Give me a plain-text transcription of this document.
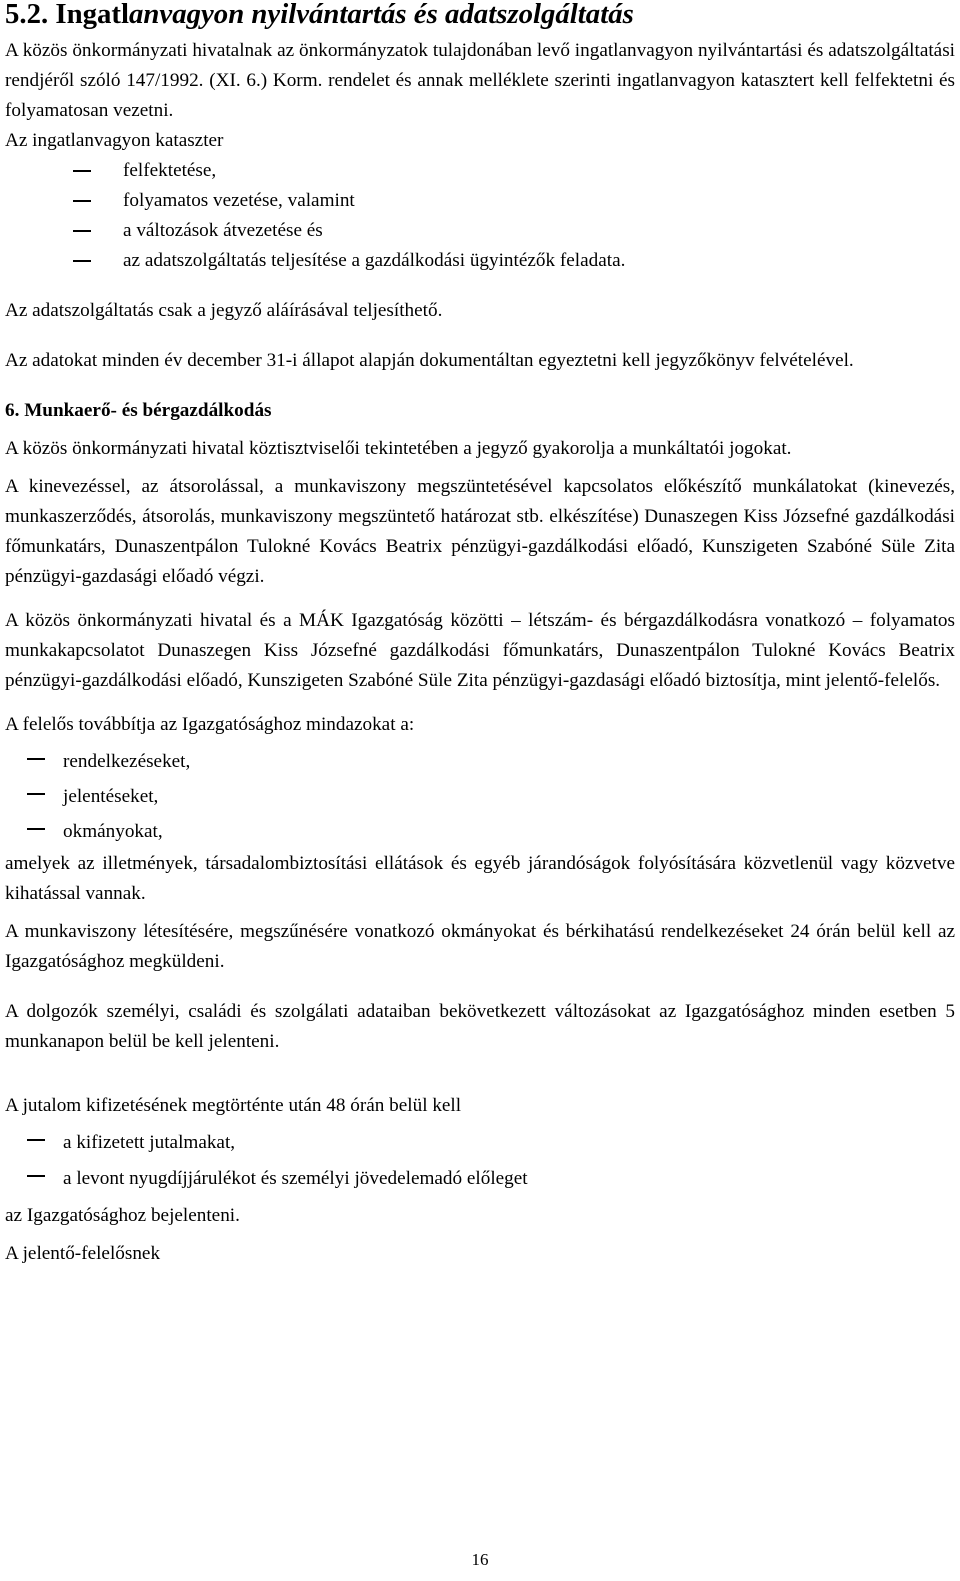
5.2. Ingatlanvagyon nyilvántartás és adatszolgáltatás

A közös önkormányzati hivatalnak az önkormányzatok tulajdonában levő ingatlanvagyon nyilvántartási és adatszolgáltatási rendjéről szóló 147/1992. (XI. 6.) Korm. rendelet és annak melléklete szerinti ingatlanvagyon katasztert kell felfektetni és folyamatosan vezetni.

Az ingatlanvagyon kataszter

felfektetése,
folyamatos vezetése, valamint
a változások átvezetése és
az adatszolgáltatás teljesítése a gazdálkodási ügyintézők feladata.

Az adatszolgáltatás csak a jegyző aláírásával teljesíthető.

Az adatokat minden év december 31-i állapot alapján dokumentáltan egyeztetni kell jegyzőkönyv felvételével.

6. Munkaerő- és bérgazdálkodás

A közös önkormányzati hivatal köztisztviselői tekintetében a jegyző gyakorolja a munkáltatói jogokat.

A kinevezéssel, az átsorolással, a munkaviszony megszüntetésével kapcsolatos előkészítő munkálatokat (kinevezés, munkaszerződés, átsorolás, munkaviszony megszüntető határozat stb. elkészítése) Dunaszegen Kiss Józsefné gazdálkodási főmunkatárs, Dunaszentpálon Tulokné Kovács Beatrix pénzügyi-gazdálkodási előadó, Kunszigeten Szabóné Süle Zita pénzügyi-gazdasági előadó végzi.

A közös önkormányzati hivatal és a MÁK Igazgatóság közötti – létszám- és bérgazdálkodásra vonatkozó – folyamatos munkakapcsolatot Dunaszegen Kiss Józsefné gazdálkodási főmunkatárs, Dunaszentpálon Tulokné Kovács Beatrix pénzügyi-gazdálkodási előadó, Kunszigeten Szabóné Süle Zita pénzügyi-gazdasági előadó biztosítja, mint jelentő-felelős.

A felelős továbbítja az Igazgatósághoz mindazokat a:

rendelkezéseket,
jelentéseket,
okmányokat,

amelyek az illetmények, társadalombiztosítási ellátások és egyéb járandóságok folyósítására közvetlenül vagy közvetve kihatással vannak.

A munkaviszony létesítésére, megszűnésére vonatkozó okmányokat és bérkihatású rendelkezéseket 24 órán belül kell az Igazgatósághoz megküldeni.

A dolgozók személyi, családi és szolgálati adataiban bekövetkezett változásokat az Igazgatósághoz minden esetben 5 munkanapon belül be kell jelenteni.

A jutalom kifizetésének megtörténte után 48 órán belül kell

a kifizetett jutalmakat,
a levont nyugdíjjárulékot és személyi jövedelemadó előleget

az Igazgatósághoz bejelenteni.

A jelentő-felelősnek

16
